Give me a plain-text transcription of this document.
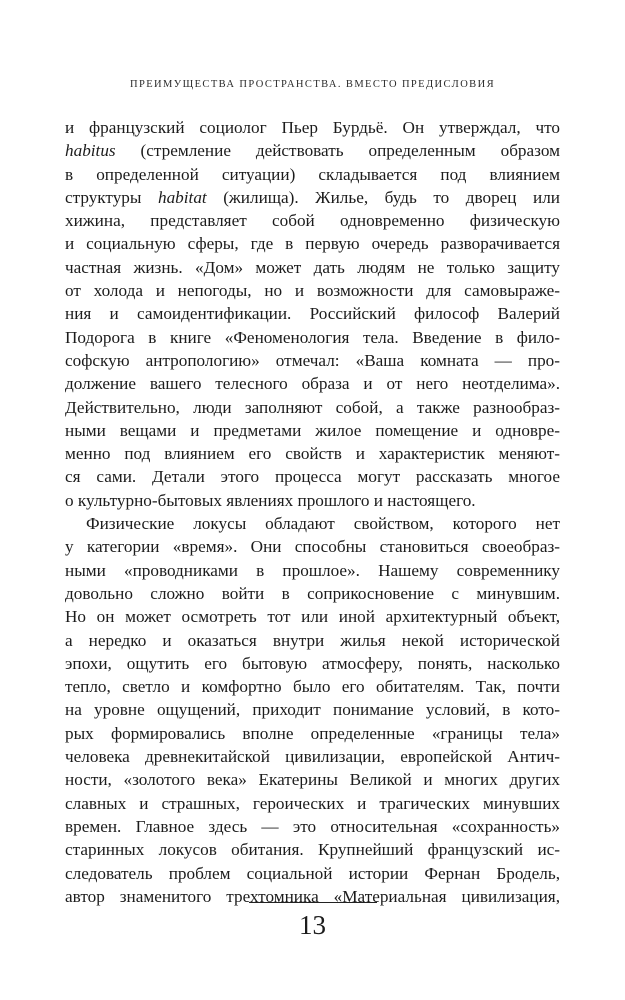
ПРЕИМУЩЕСТВА ПРОСТРАНСТВА. ВМЕСТО ПРЕДИСЛОВИЯ
и французский социолог Пьер Бурдьё. Он утверждал, что
habitus (стремление действовать определенным образом
в определенной ситуации) складывается под влиянием
структуры habitat (жилища). Жилье, будь то дворец или
хижина, представляет собой одновременно физическую
и социальную сферы, где в первую очередь разворачивается
частная жизнь. «Дом» может дать людям не только защиту
от холода и непогоды, но и возможности для самовыраже-
ния и самоидентификации. Российский философ Валерий
Подорога в книге «Феноменология тела. Введение в фило-
софскую антропологию» отмечал: «Ваша комната — про-
должение вашего телесного образа и от него неотделима».
Действительно, люди заполняют собой, а также разнообраз-
ными вещами и предметами жилое помещение и одновре-
менно под влиянием его свойств и характеристик меняют-
ся сами. Детали этого процесса могут рассказать многое
о культурно-бытовых явлениях прошлого и настоящего.
Физические локусы обладают свойством, которого нет
у категории «время». Они способны становиться своеобраз-
ными «проводниками в прошлое». Нашему современнику
довольно сложно войти в соприкосновение с минувшим.
Но он может осмотреть тот или иной архитектурный объект,
а нередко и оказаться внутри жилья некой исторической
эпохи, ощутить его бытовую атмосферу, понять, насколько
тепло, светло и комфортно было его обитателям. Так, почти
на уровне ощущений, приходит понимание условий, в кото-
рых формировались вполне определенные «границы тела»
человека древнекитайской цивилизации, европейской Антич-
ности, «золотого века» Екатерины Великой и многих других
славных и страшных, героических и трагических минувших
времен. Главное здесь — это относительная «сохранность»
старинных локусов обитания. Крупнейший французский ис-
следователь проблем социальной истории Фернан Бродель,
автор знаменитого трехтомника «Материальная цивилизация,
13
